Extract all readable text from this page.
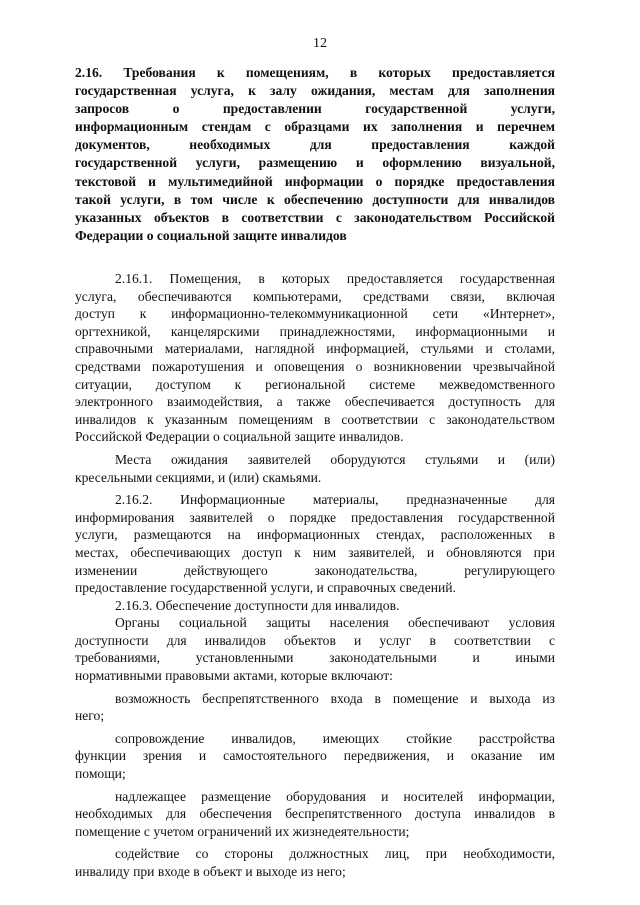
12
2.16. Требования к помещениям, в которых предоставляется
государственная услуга, к залу ожидания, местам для заполнения
запросов о предоставлении государственной услуги,
информационным стендам с образцами их заполнения и перечнем
документов, необходимых для предоставления каждой
государственной услуги, размещению и оформлению визуальной,
текстовой и мультимедийной информации о порядке предоставления
такой услуги, в том числе к обеспечению доступности для инвалидов
указанных объектов в соответствии с законодательством Российской
Федерации о социальной защите инвалидов
2.16.1. Помещения, в которых предоставляется государственная
услуга, обеспечиваются компьютерами, средствами связи, включая
доступ к информационно-телекоммуникационной сети «Интернет»,
оргтехникой, канцелярскими принадлежностями, информационными и
справочными материалами, наглядной информацией, стульями и столами,
средствами пожаротушения и оповещения о возникновении чрезвычайной
ситуации, доступом к региональной системе межведомственного
электронного взаимодействия, а также обеспечивается доступность для
инвалидов к указанным помещениям в соответствии с законодательством
Российской Федерации о социальной защите инвалидов.
Места ожидания заявителей оборудуются стульями и (или)
кресельными секциями, и (или) скамьями.
2.16.2. Информационные материалы, предназначенные для
информирования заявителей о порядке предоставления государственной
услуги, размещаются на информационных стендах, расположенных в
местах, обеспечивающих доступ к ним заявителей, и обновляются при
изменении действующего законодательства, регулирующего
предоставление государственной услуги, и справочных сведений.
2.16.3. Обеспечение доступности для инвалидов.
Органы социальной защиты населения обеспечивают условия
доступности для инвалидов объектов и услуг в соответствии с
требованиями, установленными законодательными и иными
нормативными правовыми актами, которые включают:
возможность беспрепятственного входа в помещение и выхода из
него;
сопровождение инвалидов, имеющих стойкие расстройства
функции зрения и самостоятельного передвижения, и оказание им
помощи;
надлежащее размещение оборудования и носителей информации,
необходимых для обеспечения беспрепятственного доступа инвалидов в
помещение с учетом ограничений их жизнедеятельности;
содействие со стороны должностных лиц, при необходимости,
инвалиду при входе в объект и выходе из него;
